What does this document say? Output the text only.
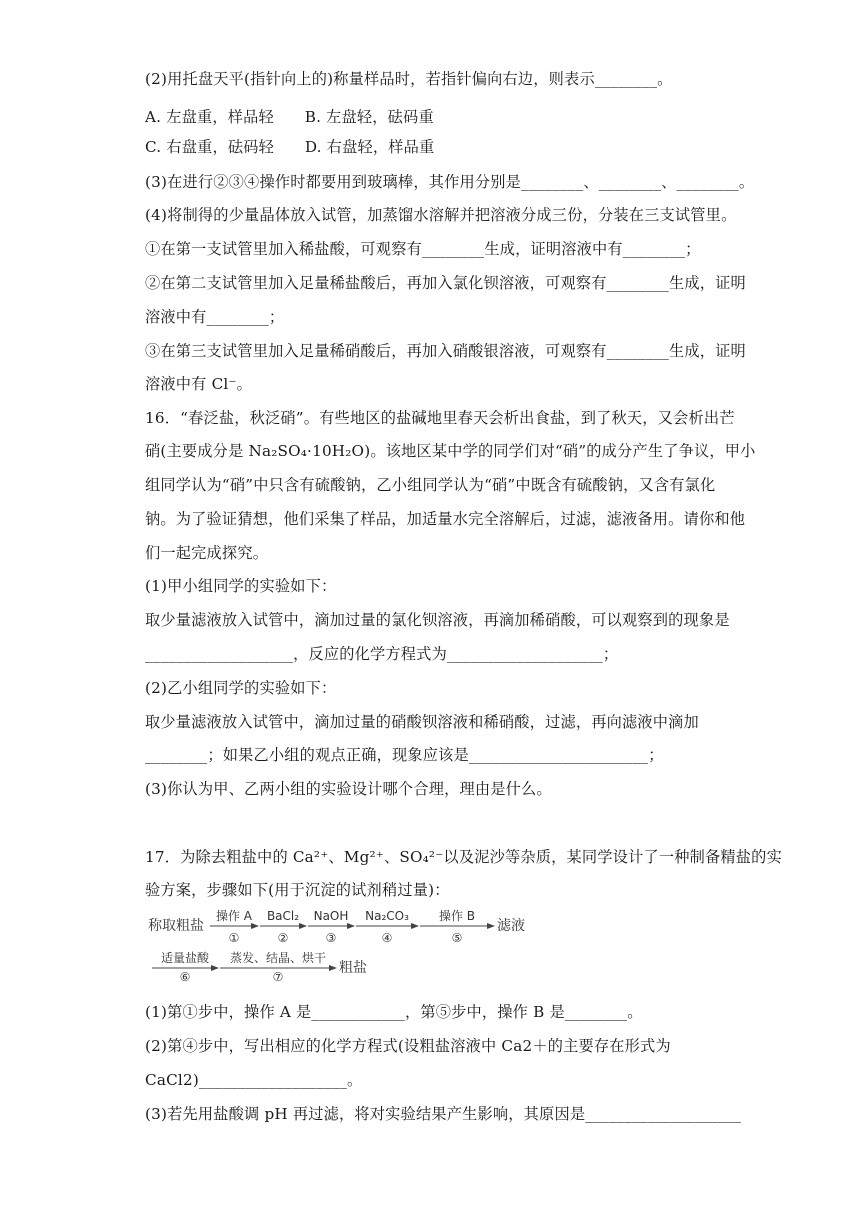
(2)用托盘天平(指针向上的)称量样品时，若指针偏向右边，则表示________。
A. 左盘重，样品轻　　B. 左盘轻，砝码重
C. 右盘重，砝码轻　　D. 右盘轻，样品重
(3)在进行②③④操作时都要用到玻璃棒，其作用分别是________、________、________。
(4)将制得的少量晶体放入试管，加蒸馏水溶解并把溶液分成三份，分装在三支试管里。
①在第一支试管里加入稀盐酸，可观察有________生成，证明溶液中有________；
②在第二支试管里加入足量稀盐酸后，再加入氯化钡溶液，可观察有________生成，证明
溶液中有________；
③在第三支试管里加入足量稀硝酸后，再加入硝酸银溶液，可观察有________生成，证明
溶液中有 Cl⁻。
16．“春泛盐，秋泛硝”。有些地区的盐碱地里春天会析出食盐，到了秋天，又会析出芒
硝(主要成分是 Na₂SO₄·10H₂O)。该地区某中学的同学们对“硝”的成分产生了争议，甲小
组同学认为“硝”中只含有硫酸钠，乙小组同学认为“硝”中既含有硫酸钠，又含有氯化
钠。为了验证猜想，他们采集了样品，加适量水完全溶解后，过滤，滤液备用。请你和他
们一起完成探究。
(1)甲小组同学的实验如下：
取少量滤液放入试管中，滴加过量的氯化钡溶液，再滴加稀硝酸，可以观察到的现象是
___________________，反应的化学方程式为____________________；
(2)乙小组同学的实验如下：
取少量滤液放入试管中，滴加过量的硝酸钡溶液和稀硝酸，过滤，再向滤液中滴加
________；如果乙小组的观点正确，现象应该是_______________________；
(3)你认为甲、乙两小组的实验设计哪个合理，理由是什么。
17．为除去粗盐中的 Ca²⁺、Mg²⁺、SO₄²⁻以及泥沙等杂质，某同学设计了一种制备精盐的实
验方案，步骤如下(用于沉淀的试剂稍过量)：
称取粗盐
操作 A
①
BaCl₂
②
NaOH
③
Na₂CO₃
④
操作 B
⑤
滤液
适量盐酸
⑥
蒸发、结晶、烘干
⑦
粗盐
(1)第①步中，操作 A 是____________，第⑤步中，操作 B 是________。
(2)第④步中，写出相应的化学方程式(设粗盐溶液中 Ca2＋的主要存在形式为
CaCl2)___________________。
(3)若先用盐酸调 pH 再过滤，将对实验结果产生影响，其原因是____________________
